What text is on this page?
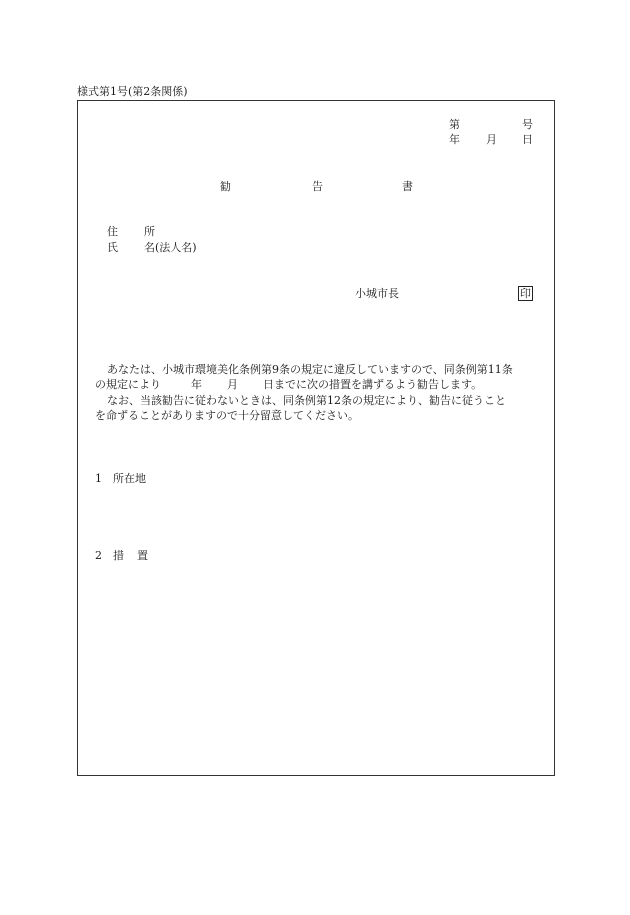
様式第1号(第2条関係)
第	号
年 月 日
勧	告	書
住 所
氏 名(法人名)
小城市長	印
あなたは、小城市環境美化条例第9条の規定に違反していますので、同条例第11条
の規定により	年 月 日までに次の措置を講ずるよう勧告します。
なお、当該勧告に従わないときは、同条例第12条の規定により、勧告に従うこと
を命ずることがありますので十分留意してください。
1 所在地
2 措 置
